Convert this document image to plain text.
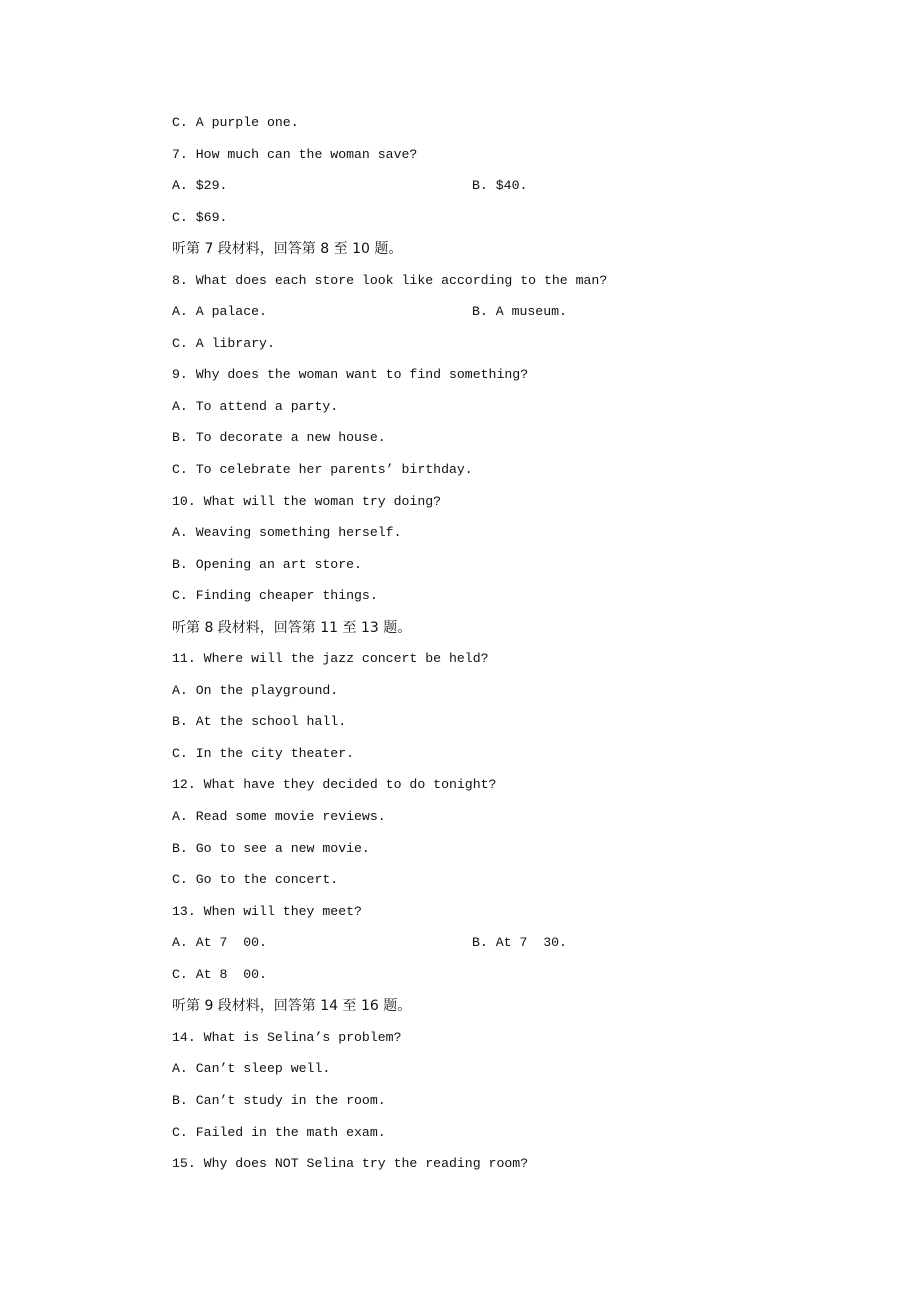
C. A purple one.
7. How much can the woman save?
A. $29.	B. $40.
C. $69.
听第 7 段材料，回答第 8 至 10 题。
8. What does each store look like according to the man?
A. A palace.	B. A museum.
C. A library.
9. Why does the woman want to find something?
A. To attend a party.
B. To decorate a new house.
C. To celebrate her parents’ birthday.
10. What will the woman try doing?
A. Weaving something herself.
B. Opening an art store.
C. Finding cheaper things.
听第 8 段材料，回答第 11 至 13 题。
11. Where will the jazz concert be held?
A. On the playground.
B. At the school hall.
C. In the city theater.
12. What have they decided to do tonight?
A. Read some movie reviews.
B. Go to see a new movie.
C. Go to the concert.
13. When will they meet?
A. At 7  00.	B. At 7  30.
C. At 8  00.
听第 9 段材料，回答第 14 至 16 题。
14. What is Selina’s problem?
A. Can’t sleep well.
B. Can’t study in the room.
C. Failed in the math exam.
15. Why does NOT Selina try the reading room?
